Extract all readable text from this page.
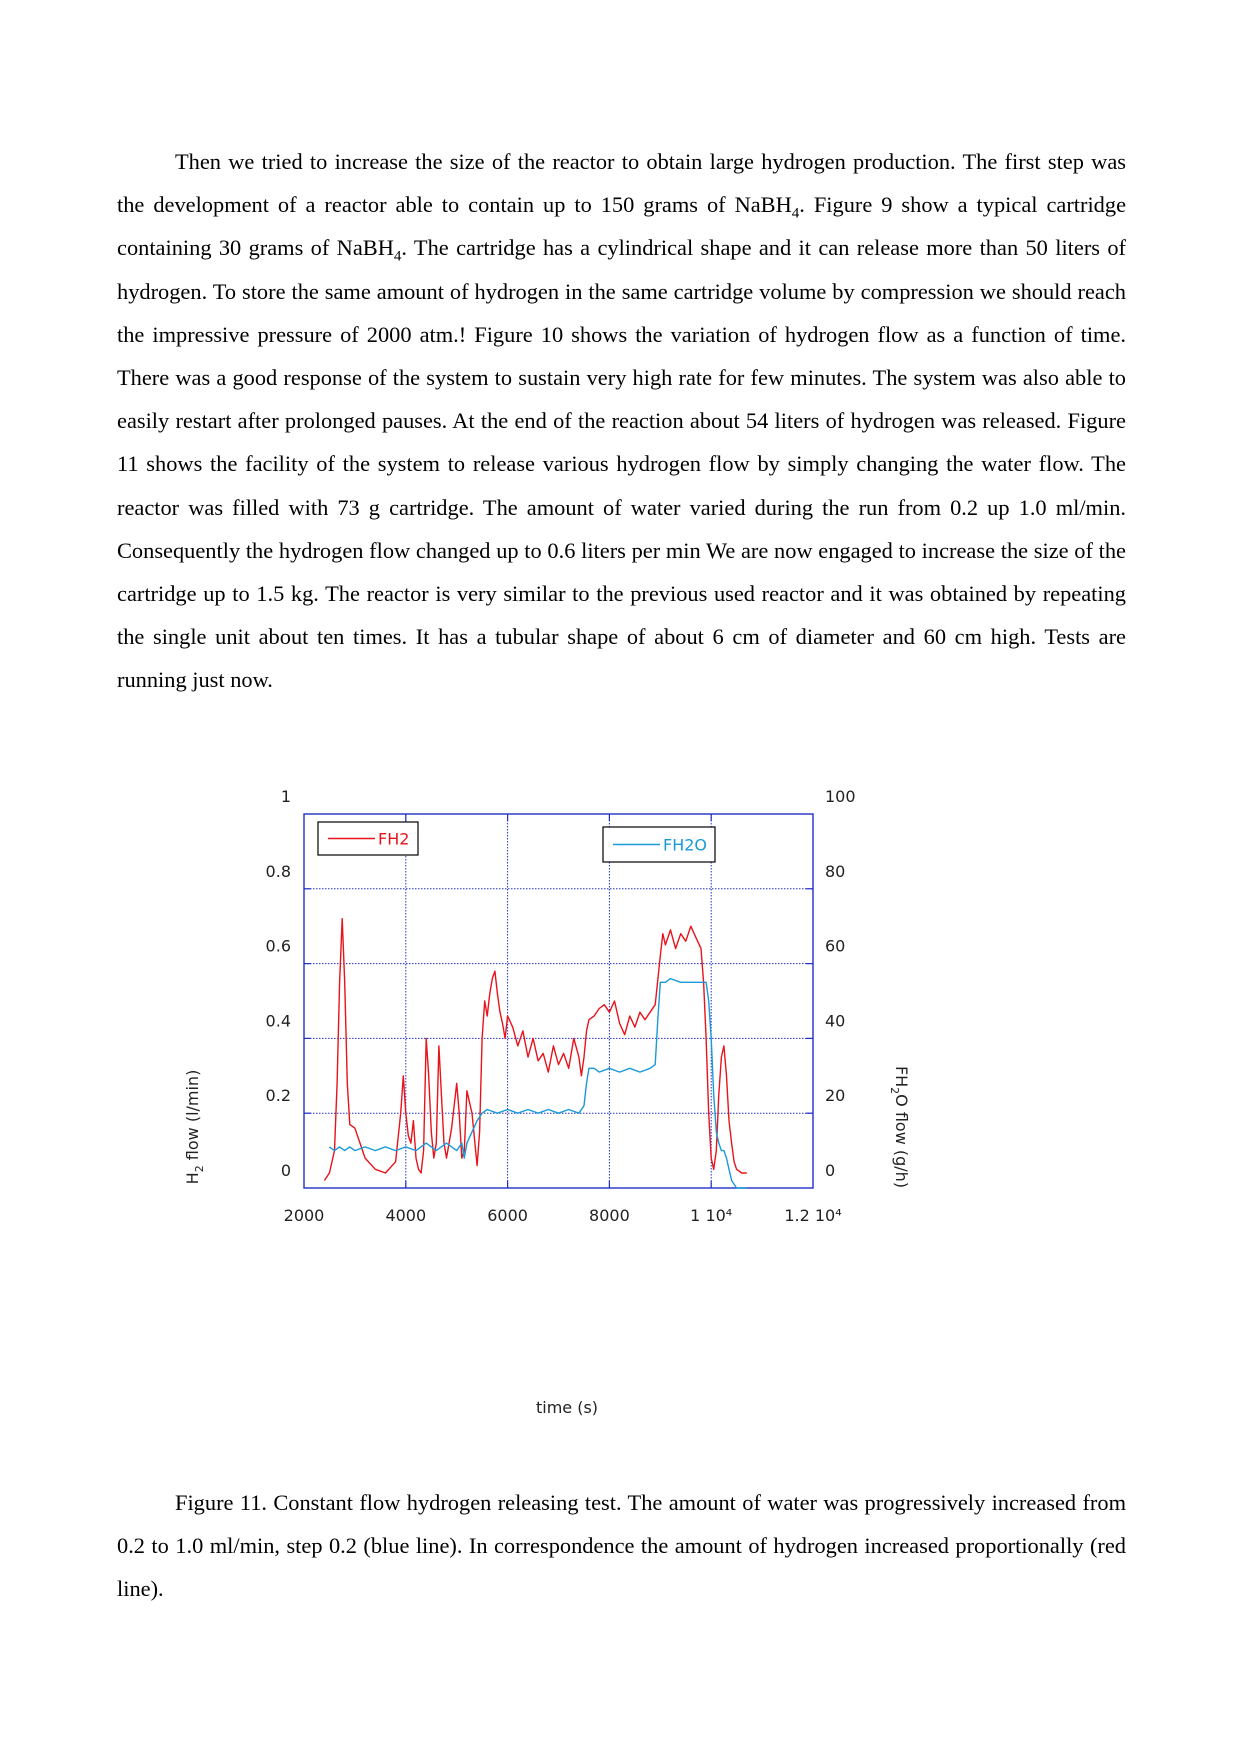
Then we tried to increase the size of the reactor to obtain large hydrogen production. The first step was the development of a reactor able to contain up to 150 grams of NaBH$_4$. Figure 9 show a typical cartridge containing 30 grams of NaBH$_4$. The cartridge has a cylindrical shape and it can release more than 50 liters of hydrogen. To store the same amount of hydrogen in the same cartridge volume by compression we should reach the impressive pressure of 2000 atm.! Figure 10 shows the variation of hydrogen flow as a function of time. There was a good response of the system to sustain very high rate for few minutes. The system was also able to easily restart after prolonged pauses. At the end of the reaction about 54 liters of hydrogen was released. Figure 11 shows the facility of the system to release various hydrogen flow by simply changing the water flow. The reactor was filled with 73 g cartridge. The amount of water varied during the run from 0.2 up 1.0 ml/min. Consequently the hydrogen flow changed up to 0.6 liters per min We are now engaged to increase the size of the cartridge up to 1.5 kg. The reactor is very similar to the previous used reactor and it was obtained by repeating the single unit about ten times. It has a tubular shape of about 6 cm of diameter and 60 cm high. Tests are running just now.

0
0.2
0.4
0.6
0.8
1
0
20
40
60
80
100
2000	4000	6000	8000	1 10⁴	1.2 10⁴
FH2	FH2O
time (s)
$H_2$ flow (l/min)	$FH_2O$ flow (g/h)

Figure 11. Constant flow hydrogen releasing test. The amount of water was progressively increased from 0.2 to 1.0 ml/min, step 0.2 (blue line). In correspondence the amount of hydrogen increased proportionally (red line).
